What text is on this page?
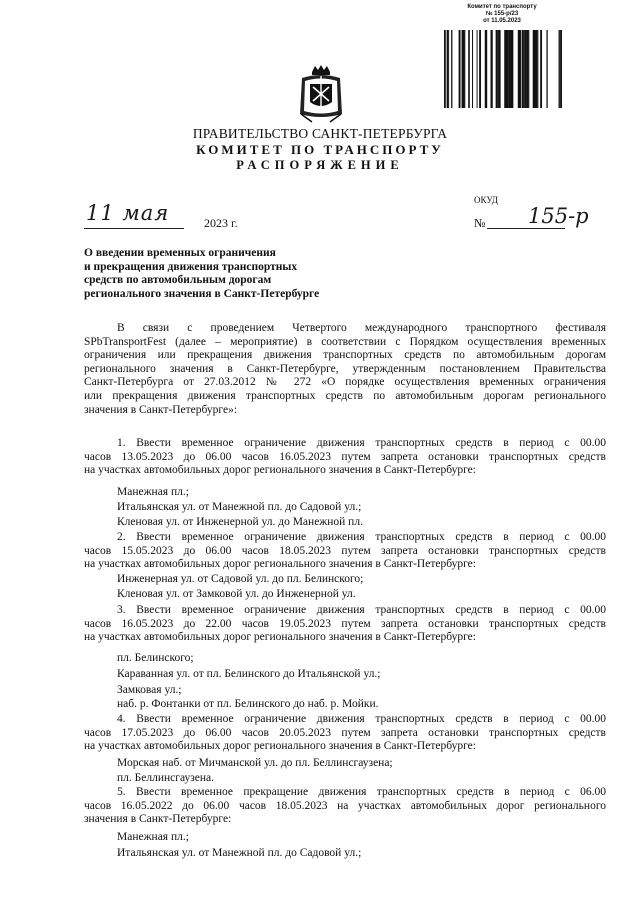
Комитет по транспорту
№ 155-р/23
от 11.05.2023
ПРАВИТЕЛЬСТВО САНКТ-ПЕТЕРБУРГА
КОМИТЕТ ПО ТРАНСПОРТУ
РАСПОРЯЖЕНИЕ
ОКУД
11 мая	2023 г.	№ 155-р
О введении временных ограничения
и прекращения движения транспортных
средств по автомобильным дорогам
регионального значения в Санкт-Петербурге
В связи с проведением Четвертого международного транспортного фестиваля
SPbTransportFest (далее – мероприятие) в соответствии с Порядком осуществления временных
ограничения или прекращения движения транспортных средств по автомобильным дорогам
регионального значения в Санкт-Петербурге, утвержденным постановлением Правительства
Санкт-Петербурга от 27.03.2012 № 272 «О порядке осуществления временных ограничения
или прекращения движения транспортных средств по автомобильным дорогам регионального
значения в Санкт-Петербурге»:
1. Ввести временное ограничение движения транспортных средств в период с 00.00
часов 13.05.2023 до 06.00 часов 16.05.2023 путем запрета остановки транспортных средств
на участках автомобильных дорог регионального значения в Санкт-Петербурге:
Манежная пл.;
Итальянская ул. от Манежной пл. до Садовой ул.;
Кленовая ул. от Инженерной ул. до Манежной пл.
2. Ввести временное ограничение движения транспортных средств в период с 00.00
часов 15.05.2023 до 06.00 часов 18.05.2023 путем запрета остановки транспортных средств
на участках автомобильных дорог регионального значения в Санкт-Петербурге:
Инженерная ул. от Садовой ул. до пл. Белинского;
Кленовая ул. от Замковой ул. до Инженерной ул.
3. Ввести временное ограничение движения транспортных средств в период с 00.00
часов 16.05.2023 до 22.00 часов 19.05.2023 путем запрета остановки транспортных средств
на участках автомобильных дорог регионального значения в Санкт-Петербурге:
пл. Белинского;
Караванная ул. от пл. Белинского до Итальянской ул.;
Замковая ул.;
наб. р. Фонтанки от пл. Белинского до наб. р. Мойки.
4. Ввести временное ограничение движения транспортных средств в период с 00.00
часов 17.05.2023 до 06.00 часов 20.05.2023 путем запрета остановки транспортных средств
на участках автомобильных дорог регионального значения в Санкт-Петербурге:
Морская наб. от Мичманской ул. до пл. Беллинсгаузена;
пл. Беллинсгаузена.
5. Ввести временное прекращение движения транспортных средств в период с 06.00
часов 16.05.2022 до 06.00 часов 18.05.2023 на участках автомобильных дорог регионального
значения в Санкт-Петербурге:
Манежная пл.;
Итальянская ул. от Манежной пл. до Садовой ул.;
